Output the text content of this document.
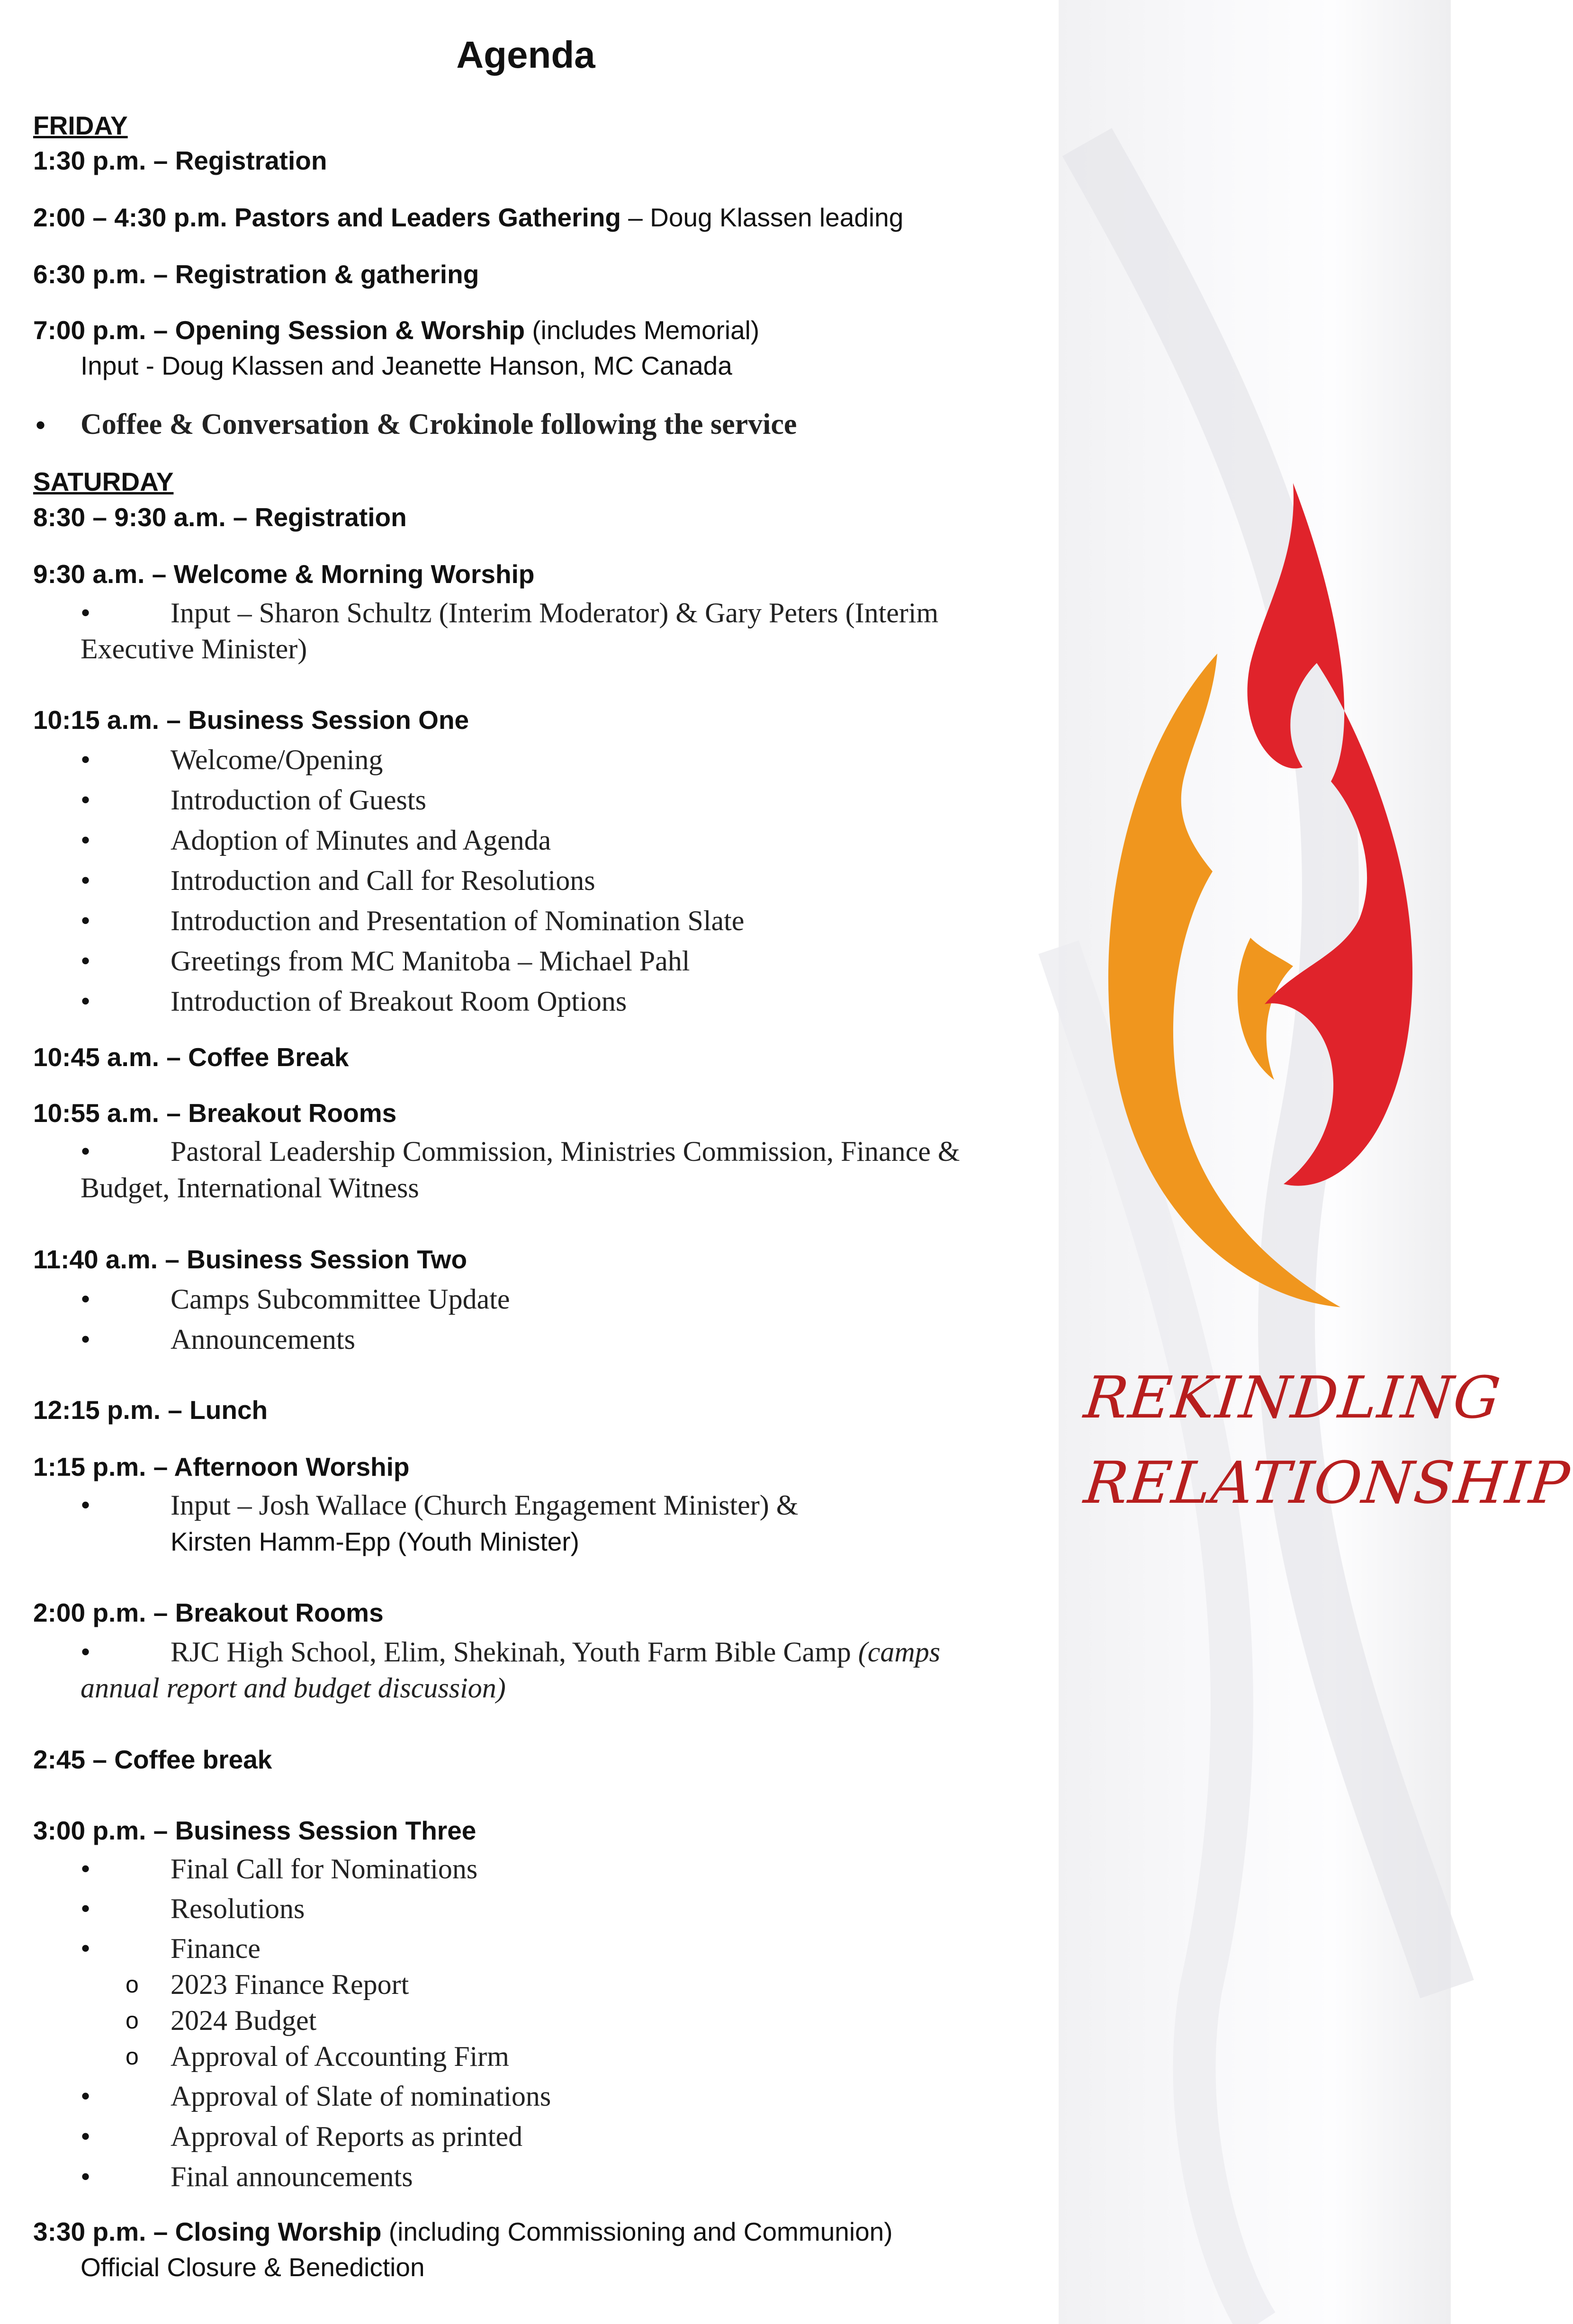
Agenda
FRIDAY
1:30 p.m. – Registration
2:00 – 4:30 p.m. Pastors and Leaders Gathering – Doug Klassen leading
6:30 p.m. – Registration & gathering
7:00 p.m. – Opening Session & Worship (includes Memorial)
Input - Doug Klassen and Jeanette Hanson, MC Canada
• Coffee & Conversation & Crokinole following the service
SATURDAY
8:30 – 9:30 a.m. – Registration
9:30 a.m. – Welcome & Morning Worship
•	Input – Sharon Schultz (Interim Moderator) & Gary Peters (Interim
Executive Minister)
10:15 a.m. – Business Session One
•	Welcome/Opening
•	Introduction of Guests
•	Adoption of Minutes and Agenda
•	Introduction and Call for Resolutions
•	Introduction and Presentation of Nomination Slate
•	Greetings from MC Manitoba – Michael Pahl
•	Introduction of Breakout Room Options
10:45 a.m. – Coffee Break
10:55 a.m. – Breakout Rooms
•	Pastoral Leadership Commission, Ministries Commission, Finance &
Budget, International Witness
11:40 a.m. – Business Session Two
•	Camps Subcommittee Update
•	Announcements
12:15 p.m. – Lunch
1:15 p.m. – Afternoon Worship
•	Input – Josh Wallace (Church Engagement Minister) &
Kirsten Hamm-Epp (Youth Minister)
2:00 p.m. – Breakout Rooms
•	RJC High School, Elim, Shekinah, Youth Farm Bible Camp (camps
annual report and budget discussion)
2:45 – Coffee break
3:00 p.m. – Business Session Three
•	Final Call for Nominations
•	Resolutions
•	Finance
o 2023 Finance Report
o 2024 Budget
o Approval of Accounting Firm
•	Approval of Slate of nominations
•	Approval of Reports as printed
•	Final announcements
3:30 p.m. – Closing Worship (including Commissioning and Communion)
Official Closure & Benediction
REKINDLING
RELATIONSHIP
